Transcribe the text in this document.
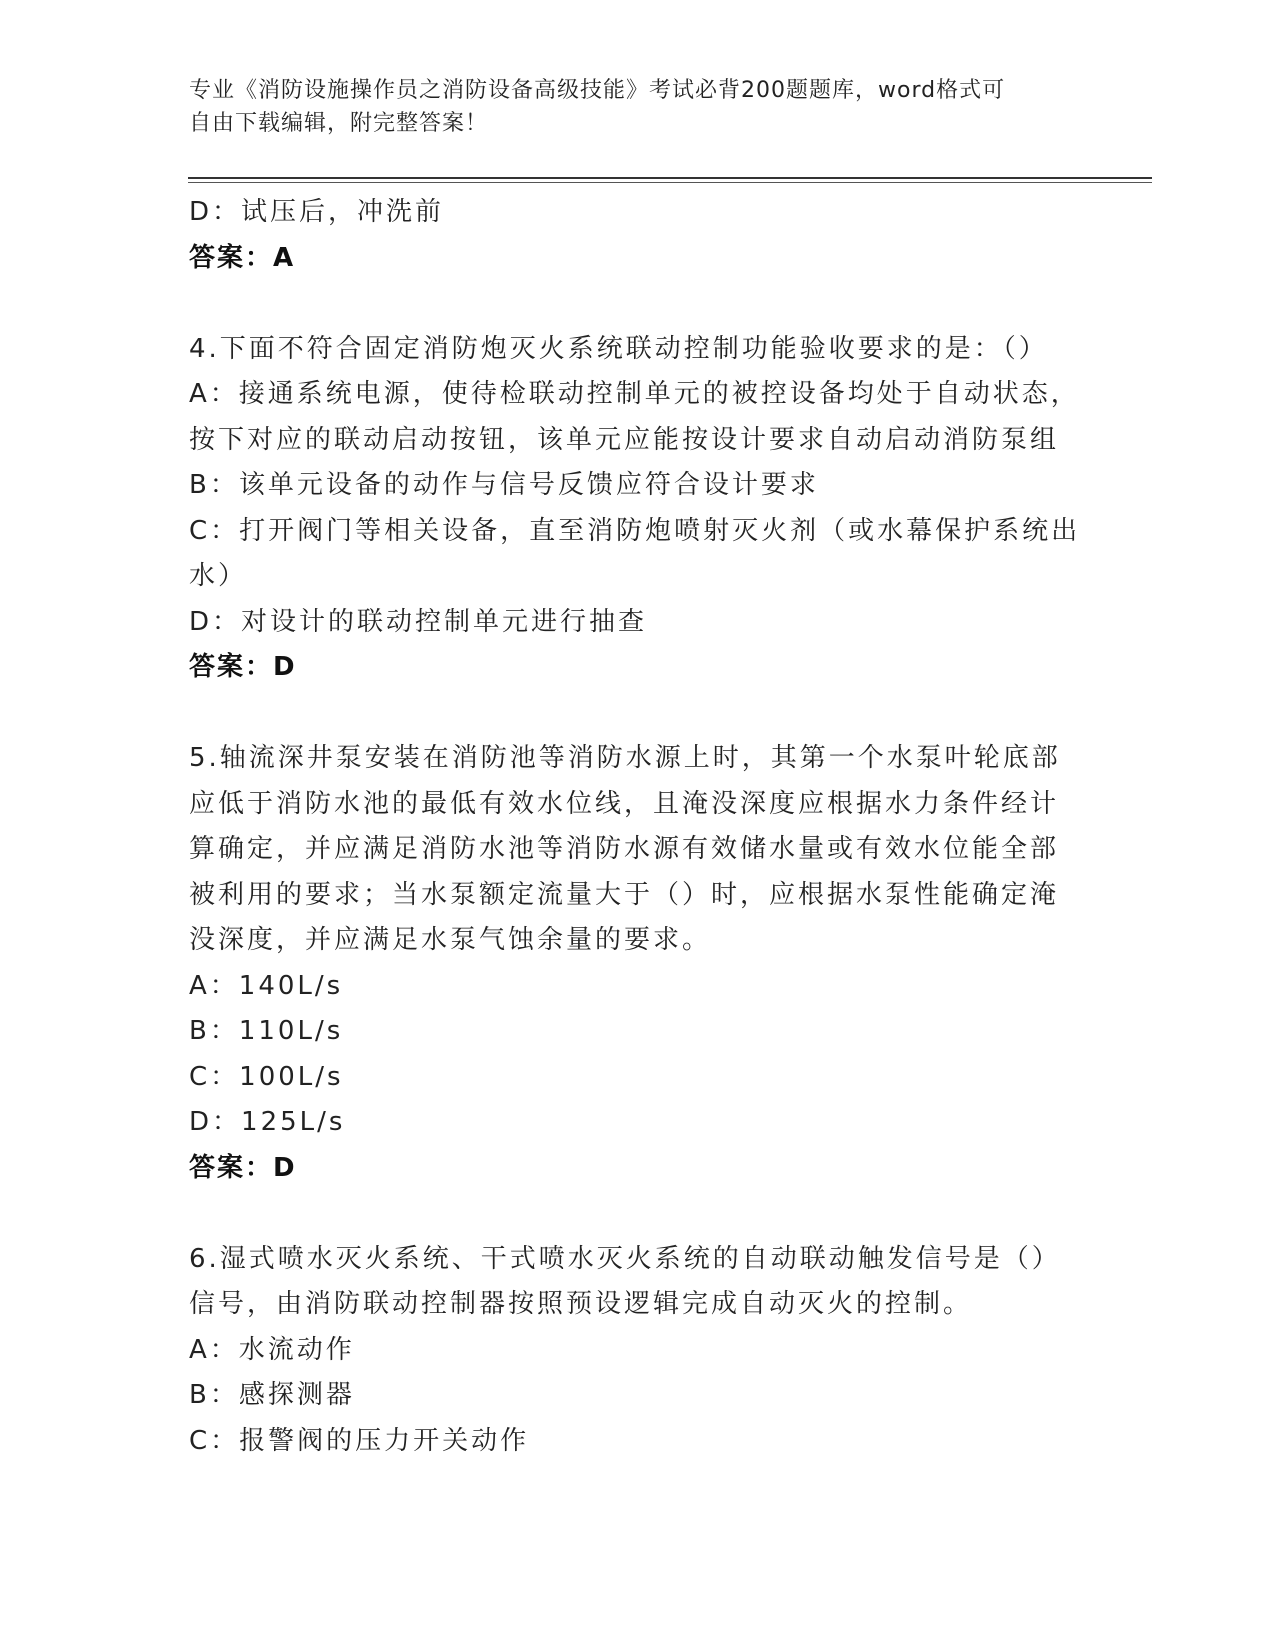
专业《消防设施操作员之消防设备高级技能》考试必背200题题库，word格式可
自由下载编辑，附完整答案！
D：试压后，冲洗前
答案：A
4.下面不符合固定消防炮灭火系统联动控制功能验收要求的是：（）
A：接通系统电源，使待检联动控制单元的被控设备均处于自动状态，
按下对应的联动启动按钮，该单元应能按设计要求自动启动消防泵组
B：该单元设备的动作与信号反馈应符合设计要求
C：打开阀门等相关设备，直至消防炮喷射灭火剂（或水幕保护系统出
水）
D：对设计的联动控制单元进行抽查
答案：D
5.轴流深井泵安装在消防池等消防水源上时，其第一个水泵叶轮底部
应低于消防水池的最低有效水位线，且淹没深度应根据水力条件经计
算确定，并应满足消防水池等消防水源有效储水量或有效水位能全部
被利用的要求；当水泵额定流量大于（）时，应根据水泵性能确定淹
没深度，并应满足水泵气蚀余量的要求。
A：140L/s
B：110L/s
C：100L/s
D：125L/s
答案：D
6.湿式喷水灭火系统、干式喷水灭火系统的自动联动触发信号是（）
信号，由消防联动控制器按照预设逻辑完成自动灭火的控制。
A：水流动作
B：感探测器
C：报警阀的压力开关动作
